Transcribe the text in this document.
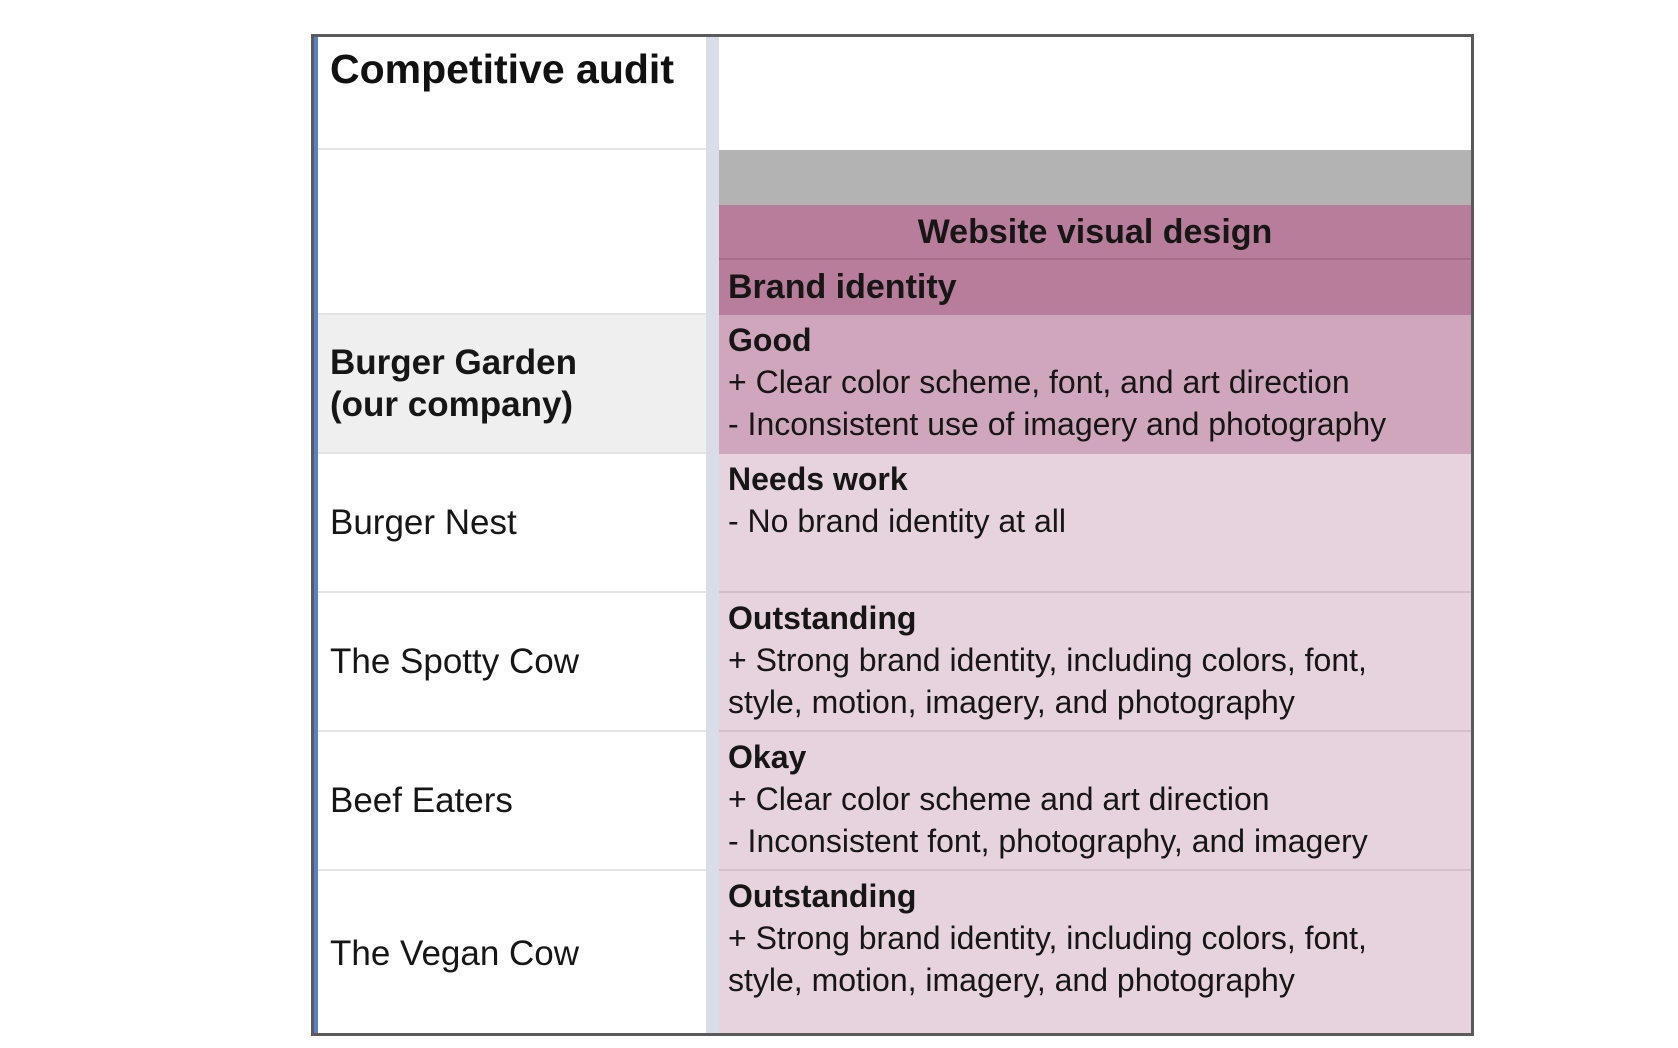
Competitive audit
Burger Garden
(our company)
Burger Nest
The Spotty Cow
Beef Eaters
The Vegan Cow
Website visual design
Brand identity
Good
+ Clear color scheme, font, and art direction
- Inconsistent use of imagery and photography
Needs work
- No brand identity at all
Outstanding
+ Strong brand identity, including colors, font,
style, motion, imagery, and photography
Okay
+ Clear color scheme and art direction
- Inconsistent font, photography, and imagery
Outstanding
+ Strong brand identity, including colors, font,
style, motion, imagery, and photography
